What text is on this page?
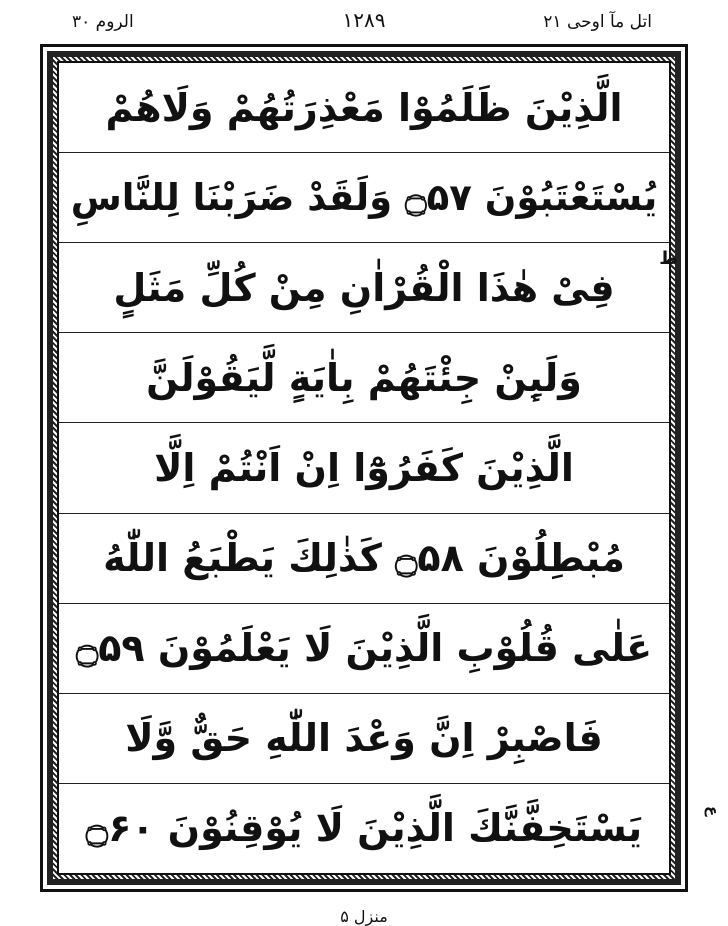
اتل مآ اوحی ۲۱
۱۲۸۹
الروم ۳۰
الَّذِیْنَ ظَلَمُوْا مَعْذِرَتُهُمْ وَلَاهُمْ
یُسْتَعْتَبُوْنَ ۝۵۷ وَلَقَدْ ضَرَبْنَا لِلنَّاسِ
فِیْ هٰذَا الْقُرْاٰنِ مِنْ كُلِّ مَثَلٍ
وَلَىِٕنْ جِئْتَهُمْ بِاٰیَةٍ لَّیَقُوْلَنَّ
الَّذِیْنَ كَفَرُوْٓا اِنْ اَنْتُمْ اِلَّا
مُبْطِلُوْنَ ۝۵۸ كَذٰلِكَ یَطْبَعُ اللّٰهُ
عَلٰى قُلُوْبِ الَّذِیْنَ لَا یَعْلَمُوْنَ ۝۵۹
فَاصْبِرْ اِنَّ وَعْدَ اللّٰهِ حَقٌّ وَّلَا
یَسْتَخِفَّنَّكَ الَّذِیْنَ لَا یُوْقِنُوْنَ ۝۶۰
ط
ع
منزل ۵
